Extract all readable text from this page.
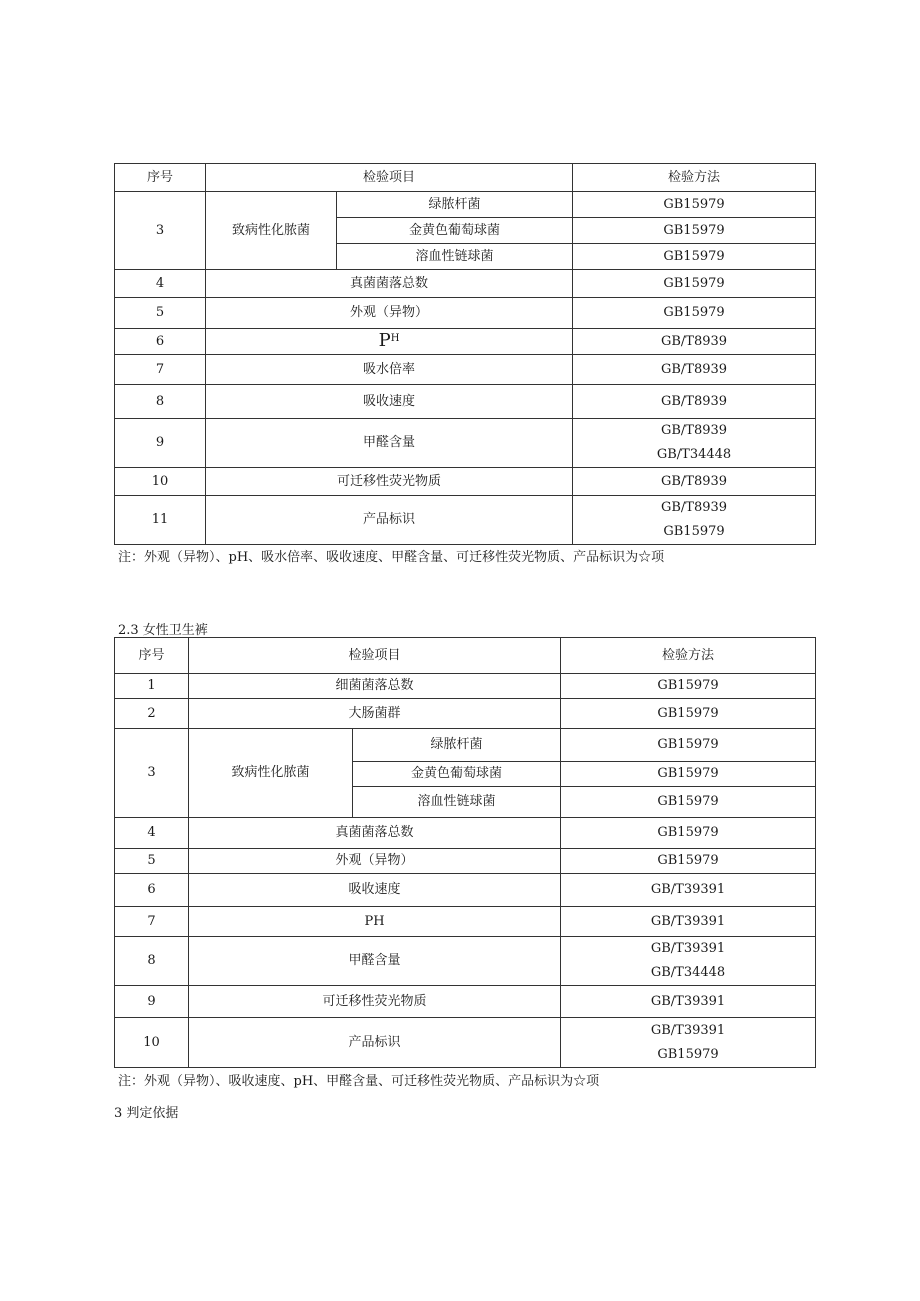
序号	检验项目		检验方法
3	致病性化脓菌	绿脓杆菌	GB15979
		金黄色葡萄球菌	GB15979
		溶血性链球菌	GB15979
4	真菌菌落总数		GB15979
5	外观（异物）		GB15979
6	$P^H$		GB/T8939
7	吸水倍率		GB/T8939
8	吸收速度		GB/T8939
9	甲醛含量		GB/T8939
GB/T34448

10	可迁移性荧光物质		GB/T8939
11	产品标识		GB/T8939
GB15979
注：外观（异物）、pH、吸水倍率、吸收速度、甲醛含量、可迁移性荧光物质、产品标识为☆项
2.3 女性卫生裤
序号	检验项目		检验方法
1	细菌菌落总数		GB15979
2	大肠菌群		GB15979
3	致病性化脓菌	绿脓杆菌	GB15979
		金黄色葡萄球菌	GB15979
		溶血性链球菌	GB15979
4	真菌菌落总数		GB15979
5	外观（异物）		GB15979
6	吸收速度		GB/T39391
7	PH		GB/T39391
8	甲醛含量		GB/T39391
GB/T34448

9	可迁移性荧光物质		GB/T39391
10	产品标识		GB/T39391
GB15979
注：外观（异物）、吸收速度、pH、甲醛含量、可迁移性荧光物质、产品标识为☆项
3 判定依据
